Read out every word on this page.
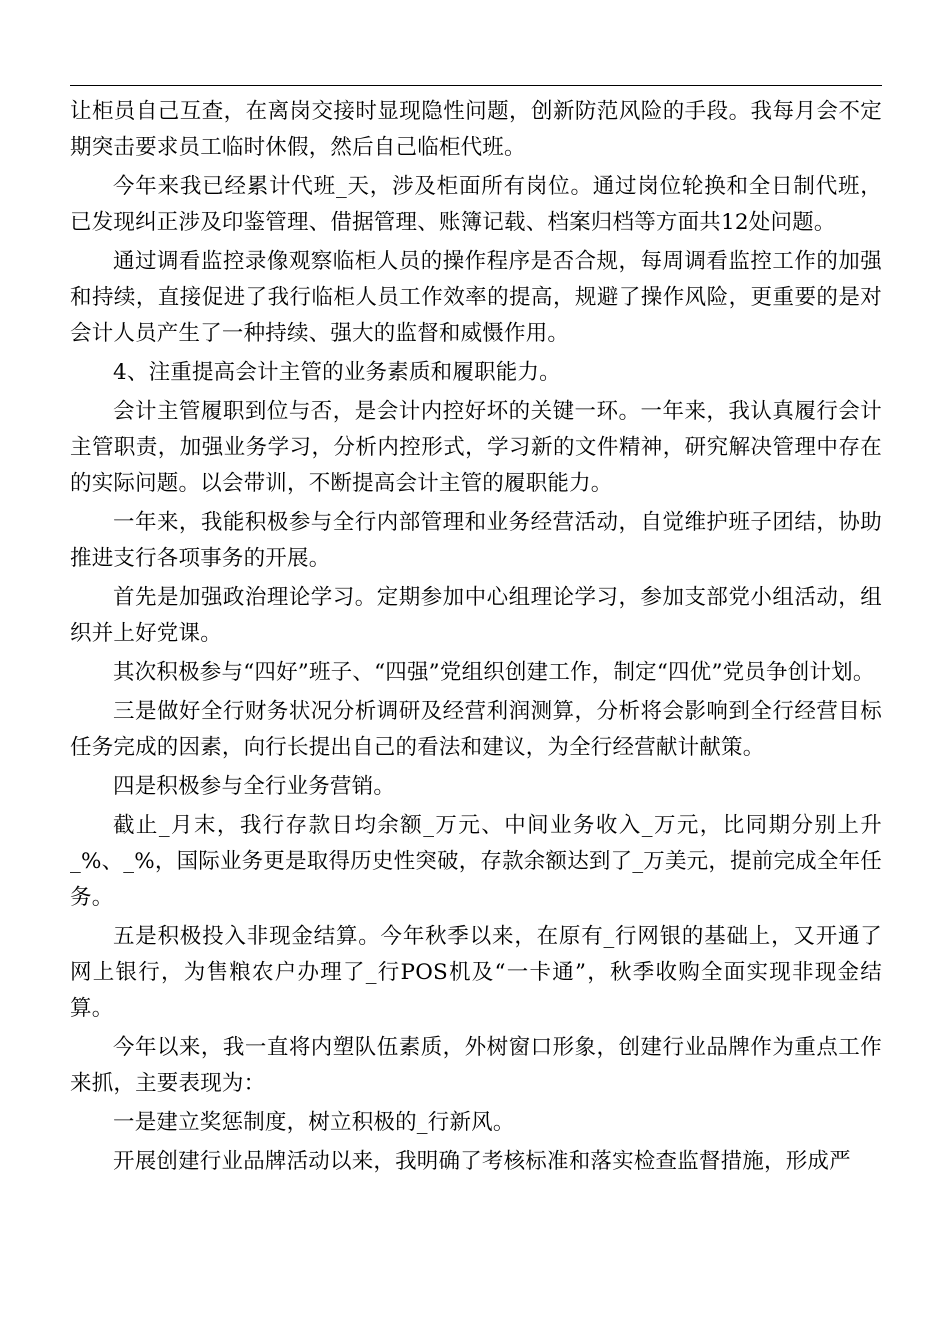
让柜员自己互查，在离岗交接时显现隐性问题，创新防范风险的手段。我每月会不定期突击要求员工临时休假，然后自己临柜代班。

今年来我已经累计代班_天，涉及柜面所有岗位。通过岗位轮换和全日制代班，已发现纠正涉及印鉴管理、借据管理、账簿记载、档案归档等方面共12处问题。

通过调看监控录像观察临柜人员的操作程序是否合规，每周调看监控工作的加强和持续，直接促进了我行临柜人员工作效率的提高，规避了操作风险，更重要的是对会计人员产生了一种持续、强大的监督和威慑作用。

4、注重提高会计主管的业务素质和履职能力。

会计主管履职到位与否，是会计内控好坏的关键一环。一年来，我认真履行会计主管职责，加强业务学习，分析内控形式，学习新的文件精神，研究解决管理中存在的实际问题。以会带训，不断提高会计主管的履职能力。

一年来，我能积极参与全行内部管理和业务经营活动，自觉维护班子团结，协助推进支行各项事务的开展。

首先是加强政治理论学习。定期参加中心组理论学习，参加支部党小组活动，组织并上好党课。

其次积极参与“四好”班子、“四强”党组织创建工作，制定“四优”党员争创计划。

三是做好全行财务状况分析调研及经营利润测算，分析将会影响到全行经营目标任务完成的因素，向行长提出自己的看法和建议，为全行经营献计献策。

四是积极参与全行业务营销。

截止_月末，我行存款日均余额_万元、中间业务收入_万元，比同期分别上升_%、_%，国际业务更是取得历史性突破，存款余额达到了_万美元，提前完成全年任务。

五是积极投入非现金结算。今年秋季以来，在原有_行网银的基础上，又开通了网上银行，为售粮农户办理了_行POS机及“一卡通”，秋季收购全面实现非现金结算。

今年以来，我一直将内塑队伍素质，外树窗口形象，创建行业品牌作为重点工作来抓，主要表现为：

一是建立奖惩制度，树立积极的_行新风。

开展创建行业品牌活动以来，我明确了考核标准和落实检查监督措施，形成严
